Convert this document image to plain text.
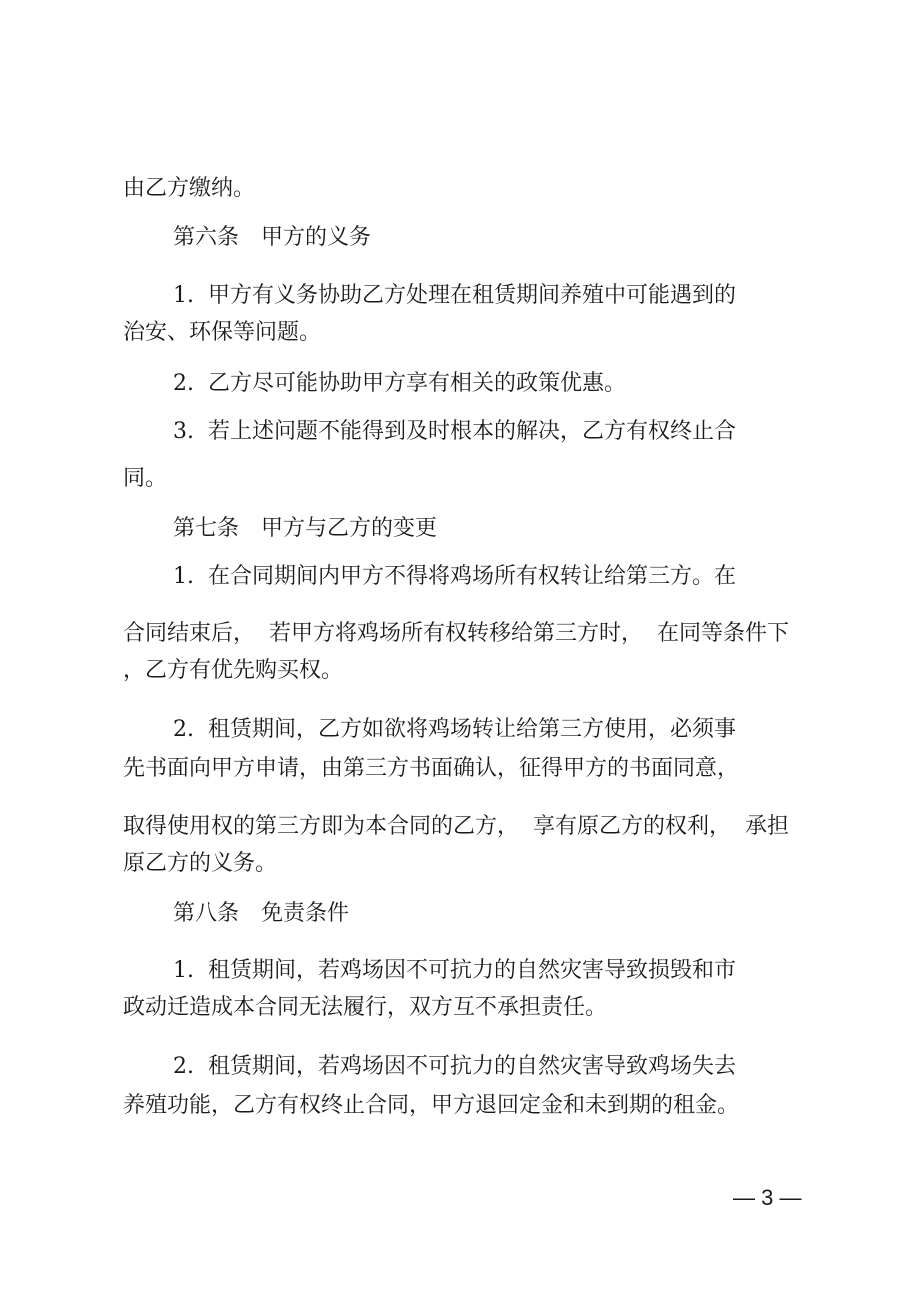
由乙方缴纳。

第六条　甲方的义务

1.  甲方有义务协助乙方处理在租赁期间养殖中可能遇到的

治安、环保等问题。

2.  乙方尽可能协助甲方享有相关的政策优惠。

3.  若上述问题不能得到及时根本的解决，乙方有权终止合

同。

第七条　甲方与乙方的变更

1.  在合同期间内甲方不得将鸡场所有权转让给第三方。在

合同结束后，  若甲方将鸡场所有权转移给第三方时，  在同等条件下

，乙方有优先购买权。

2.  租赁期间，乙方如欲将鸡场转让给第三方使用，必须事

先书面向甲方申请，由第三方书面确认，征得甲方的书面同意，

取得使用权的第三方即为本合同的乙方，  享有原乙方的权利，  承担

原乙方的义务。

第八条　免责条件

1.  租赁期间，若鸡场因不可抗力的自然灾害导致损毁和市

政动迁造成本合同无法履行，双方互不承担责任。

2.  租赁期间，若鸡场因不可抗力的自然灾害导致鸡场失去

养殖功能，乙方有权终止合同，甲方退回定金和未到期的租金。

— 3 —
